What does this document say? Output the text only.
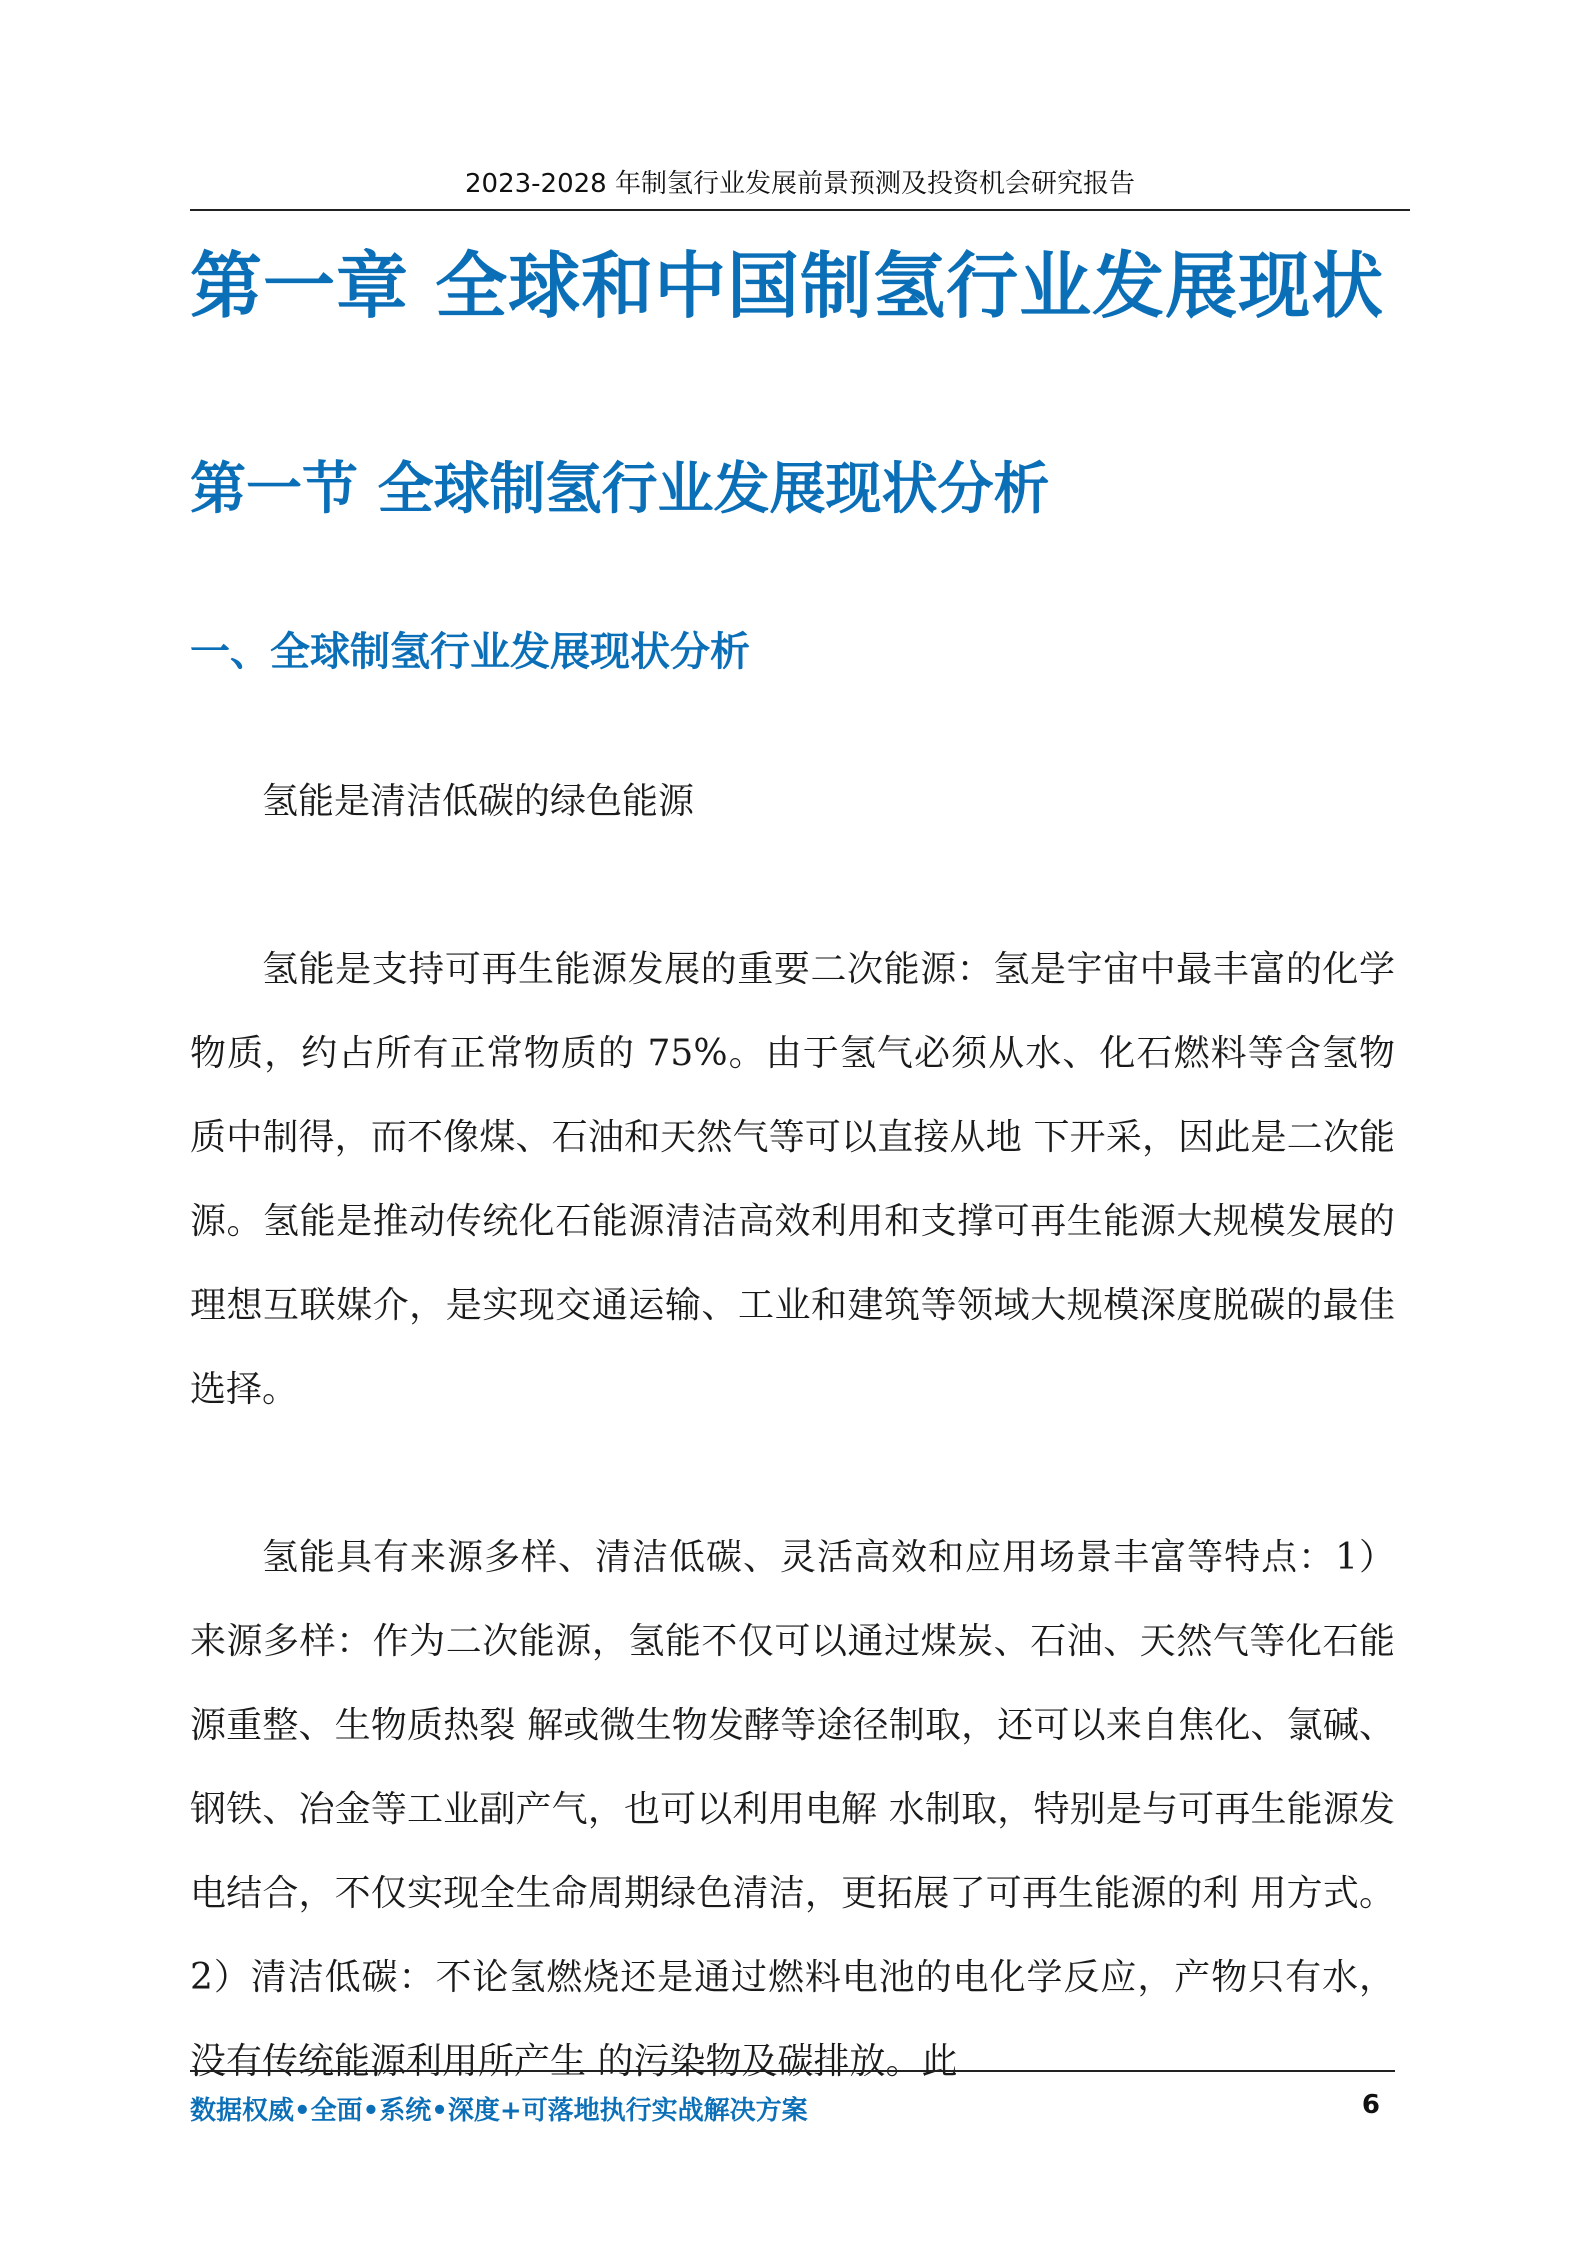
2023-2028 年制氢行业发展前景预测及投资机会研究报告
第一章 全球和中国制氢行业发展现状
第一节 全球制氢行业发展现状分析
一、全球制氢行业发展现状分析

氢能是清洁低碳的绿色能源

氢能是支持可再生能源发展的重要二次能源：氢是宇宙中最丰富的化学物质，约占所有正常物质的 75%。由于氢气必须从水、化石燃料等含氢物质中制得，而不像煤、石油和天然气等可以直接从地 下开采，因此是二次能源。氢能是推动传统化石能源清洁高效利用和支撑可再生能源大规模发展的 理想互联媒介，是实现交通运输、工业和建筑等领域大规模深度脱碳的最佳选择。

氢能具有来源多样、清洁低碳、灵活高效和应用场景丰富等特点：1）来源多样：作为二次能源，氢能不仅可以通过煤炭、石油、天然气等化石能源重整、生物质热裂 解或微生物发酵等途径制取，还可以来自焦化、氯碱、钢铁、冶金等工业副产气，也可以利用电解 水制取，特别是与可再生能源发电结合，不仅实现全生命周期绿色清洁，更拓展了可再生能源的利 用方式。 2）清洁低碳：不论氢燃烧还是通过燃料电池的电化学反应，产物只有水，没有传统能源利用所产生 的污染物及碳排放。此

数据权威•全面•系统•深度+可落地执行实战解决方案	6
